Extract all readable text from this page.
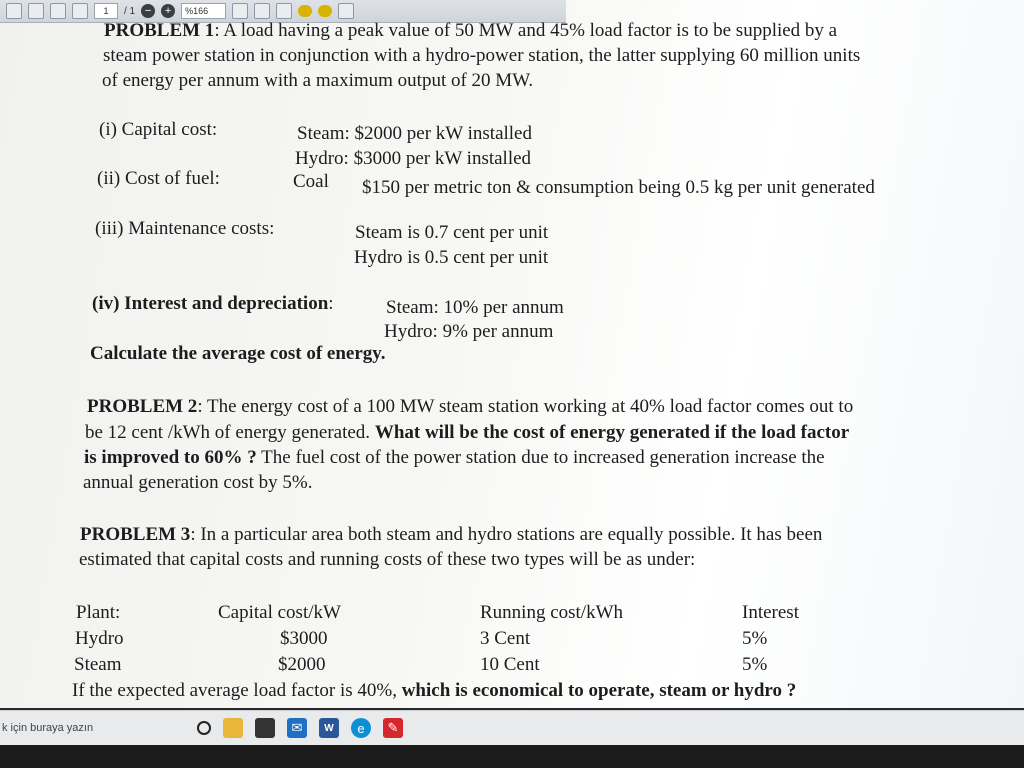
1	/ 1 −	+	%166
PROBLEM 1: A load having a peak value of 50 MW and 45% load factor is to be supplied by a
steam power station in conjunction with a hydro-power station, the latter supplying 60 million units
of energy per annum with a maximum output of 20 MW.
(i) Capital cost:	Steam: $2000 per kW installed
Hydro: $3000 per kW installed
(ii) Cost of fuel:	Coal $150 per metric ton & consumption being 0.5 kg per unit generated
(iii) Maintenance costs:	Steam is 0.7 cent per unit
Hydro is 0.5 cent per unit
(iv) Interest and depreciation:	Steam: 10% per annum
Hydro: 9% per annum
Calculate the average cost of energy.
PROBLEM 2: The energy cost of a 100 MW steam station working at 40% load factor comes out to
be 12 cent /kWh of energy generated. What will be the cost of energy generated if the load factor
is improved to 60% ? The fuel cost of the power station due to increased generation increase the
annual generation cost by 5%.
PROBLEM 3: In a particular area both steam and hydro stations are equally possible. It has been
estimated that capital costs and running costs of these two types will be as under:
Plant:	Capital cost/kW	Running cost/kWh	Interest
Hydro	$3000	3 Cent	5%
Steam	$2000	10 Cent	5%
If the expected average load factor is 40%, which is economical to operate, steam or hydro ?
k için buraya yazın	✉	W	e	✎
